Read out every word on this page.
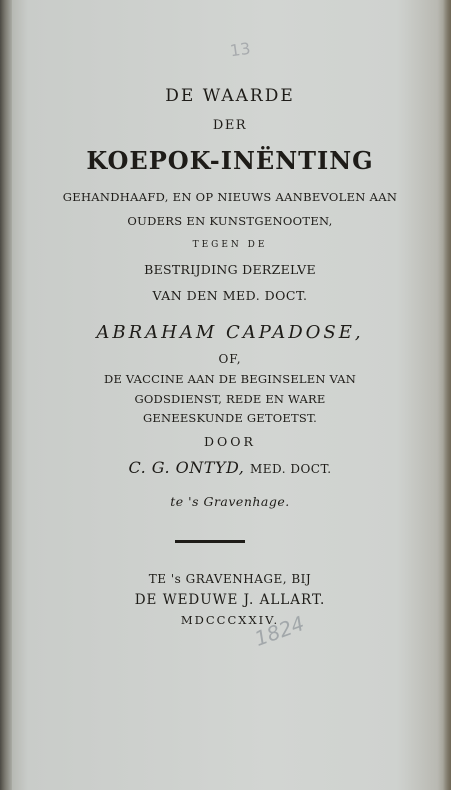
13
DE WAARDE
DER
KOEPOK-INËNTING
GEHANDHAAFD, EN OP NIEUWS AANBEVOLEN AAN
OUDERS EN KUNSTGENOOTEN,
TEGEN DE
BESTRIJDING DERZELVE
VAN DEN MED. DOCT.
ABRAHAM CAPADOSE,
OF,
DE VACCINE AAN DE BEGINSELEN VAN
GODSDIENST, REDE EN WARE
GENEESKUNDE GETOETST.
DOOR
C. G. ONTYD, MED. DOCT.
te 's Gravenhage.
TE 's GRAVENHAGE, BIJ
DE WEDUWE J. ALLART.
MDCCCXXIV.
1824
